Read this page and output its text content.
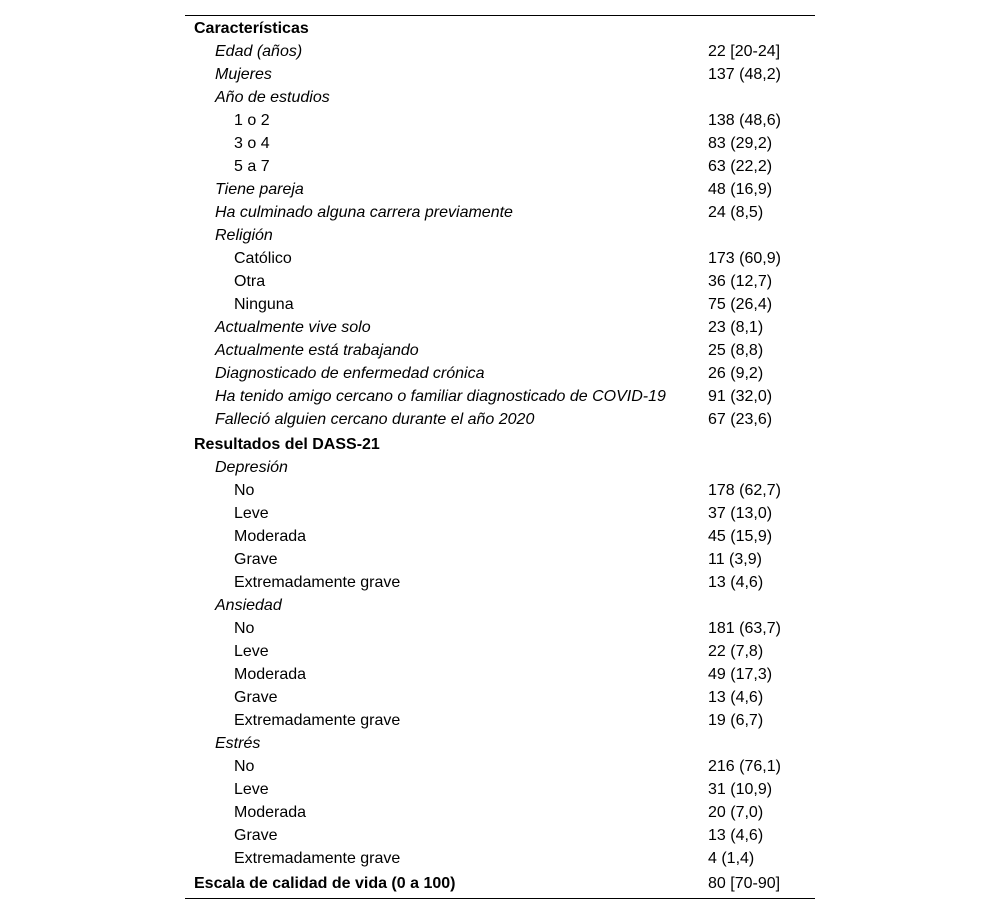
Características
Edad (años)	22 [20-24]
Mujeres	137 (48,2)
Año de estudios
1 o 2	138 (48,6)
3 o 4	83 (29,2)
5 a 7	63 (22,2)
Tiene pareja	48 (16,9)
Ha culminado alguna carrera previamente	24 (8,5)
Religión
Católico	173 (60,9)
Otra	36 (12,7)
Ninguna	75 (26,4)
Actualmente vive solo	23 (8,1)
Actualmente está trabajando	25 (8,8)
Diagnosticado de enfermedad crónica	26 (9,2)
Ha tenido amigo cercano o familiar diagnosticado de COVID-19	91 (32,0)
Falleció alguien cercano durante el año 2020	67 (23,6)
Resultados del DASS-21
Depresión
No	178 (62,7)
Leve	37 (13,0)
Moderada	45 (15,9)
Grave	11 (3,9)
Extremadamente grave	13 (4,6)
Ansiedad
No	181 (63,7)
Leve	22 (7,8)
Moderada	49 (17,3)
Grave	13 (4,6)
Extremadamente grave	19 (6,7)
Estrés
No	216 (76,1)
Leve	31 (10,9)
Moderada	20 (7,0)
Grave	13 (4,6)
Extremadamente grave	4 (1,4)
Escala de calidad de vida (0 a 100)	80 [70-90]
